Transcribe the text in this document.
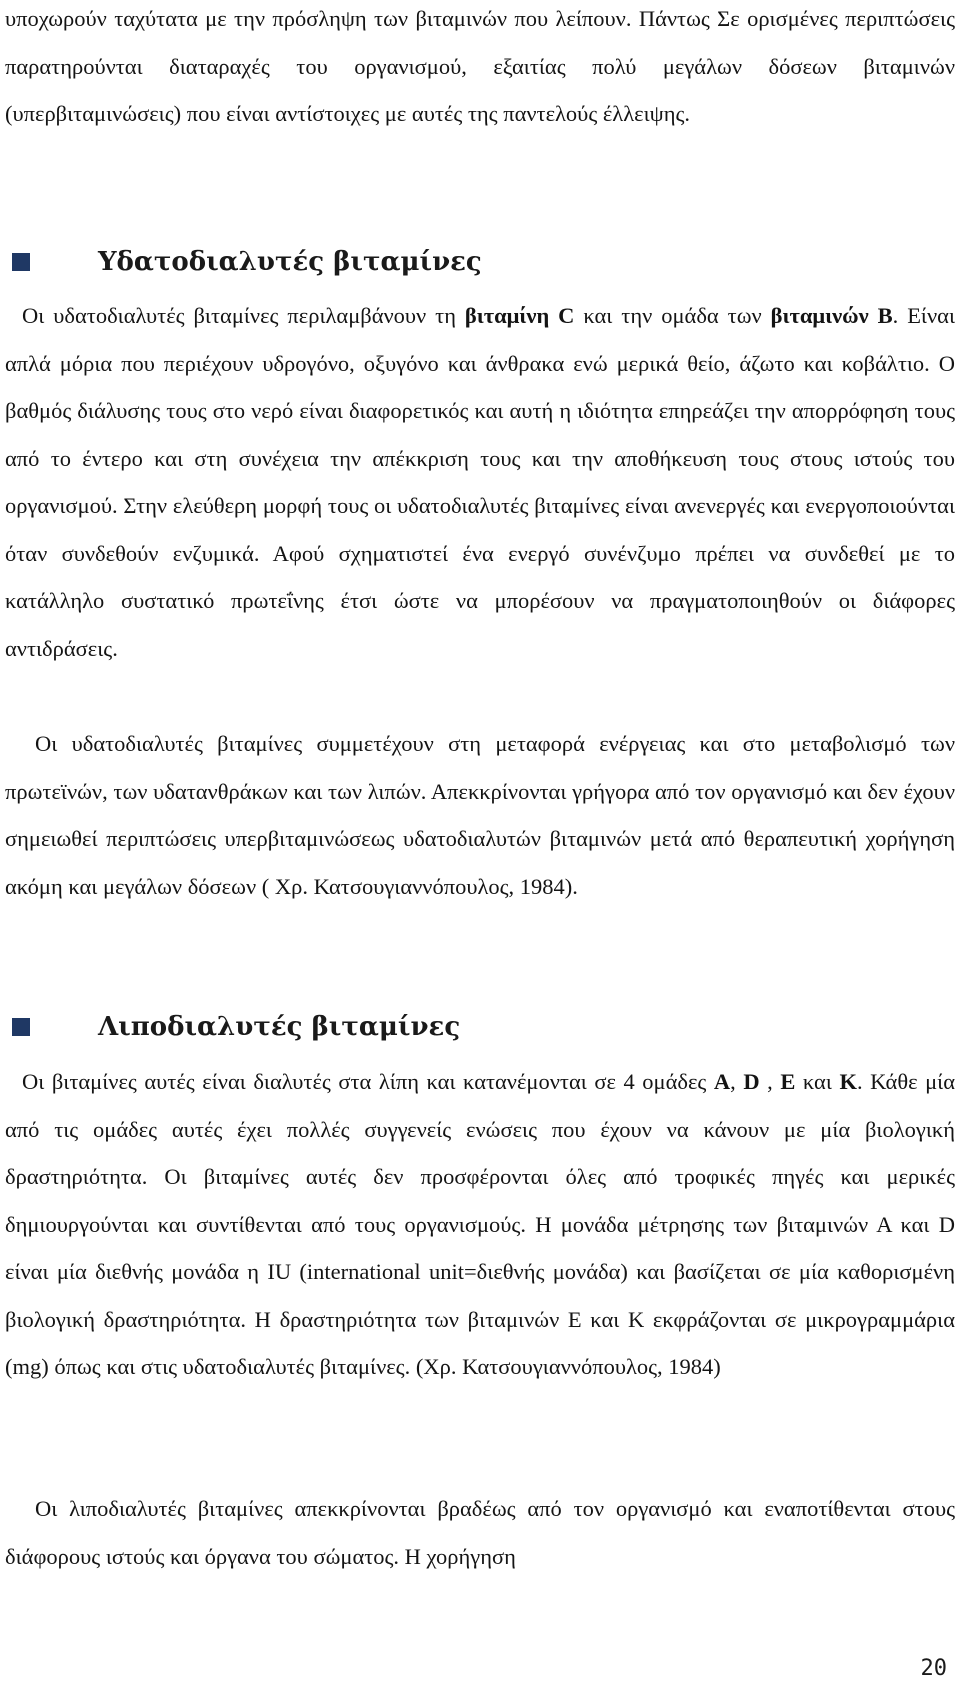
υποχωρούν ταχύτατα με την πρόσληψη των βιταμινών που λείπουν. Πάντως Σε ορισμένες περιπτώσεις παρατηρούνται διαταραχές του οργανισμού, εξαιτίας πολύ μεγάλων δόσεων βιταμινών (υπερβιταμινώσεις) που είναι αντίστοιχες με αυτές της παντελούς έλλειψης.

Υδατοδιαλυτές βιταμίνες

Οι υδατοδιαλυτές βιταμίνες περιλαμβάνουν τη βιταμίνη C και την ομάδα των βιταμινών B. Είναι απλά μόρια που περιέχουν υδρογόνο, οξυγόνο και άνθρακα ενώ μερικά θείο, άζωτο και κοβάλτιο. Ο βαθμός διάλυσης τους στο νερό είναι διαφορετικός και αυτή η ιδιότητα επηρεάζει την απορρόφηση τους από το έντερο και στη συνέχεια την απέκκριση τους και την αποθήκευση τους στους ιστούς του οργανισμού. Στην ελεύθερη μορφή τους οι υδατοδιαλυτές βιταμίνες είναι ανενεργές και ενεργοποιούνται όταν συνδεθούν ενζυμικά. Αφού σχηματιστεί ένα ενεργό συνένζυμο πρέπει να συνδεθεί με το κατάλληλο συστατικό πρωτεΐνης έτσι ώστε να μπορέσουν να πραγματοποιηθούν οι διάφορες αντιδράσεις.

Οι υδατοδιαλυτές βιταμίνες συμμετέχουν στη μεταφορά ενέργειας και στο μεταβολισμό των πρωτεϊνών, των υδατανθράκων και των λιπών. Απεκκρίνονται γρήγορα από τον οργανισμό και δεν έχουν σημειωθεί περιπτώσεις υπερβιταμινώσεως υδατοδιαλυτών βιταμινών μετά από θεραπευτική χορήγηση ακόμη και μεγάλων δόσεων ( Χρ. Κατσουγιαννόπουλος, 1984).

Λιποδιαλυτές βιταμίνες

Οι βιταμίνες αυτές είναι διαλυτές στα λίπη και κατανέμονται σε 4 ομάδες A, D , E και K. Κάθε μία από τις ομάδες αυτές έχει πολλές συγγενείς ενώσεις που έχουν να κάνουν με μία βιολογική δραστηριότητα. Οι βιταμίνες αυτές δεν προσφέρονται όλες από τροφικές πηγές και μερικές δημιουργούνται και συντίθενται από τους οργανισμούς. Η μονάδα μέτρησης των βιταμινών Α και D είναι μία διεθνής μονάδα η IU (international unit=διεθνής μονάδα) και βασίζεται σε μία καθορισμένη βιολογική δραστηριότητα. Η δραστηριότητα των βιταμινών Ε και Κ εκφράζονται σε μικρογραμμάρια (mg) όπως και στις υδατοδιαλυτές βιταμίνες. (Χρ. Κατσουγιαννόπουλος, 1984)

Οι λιποδιαλυτές βιταμίνες απεκκρίνονται βραδέως από τον οργανισμό και εναποτίθενται στους διάφορους ιστούς και όργανα του σώματος. Η χορήγηση

20
